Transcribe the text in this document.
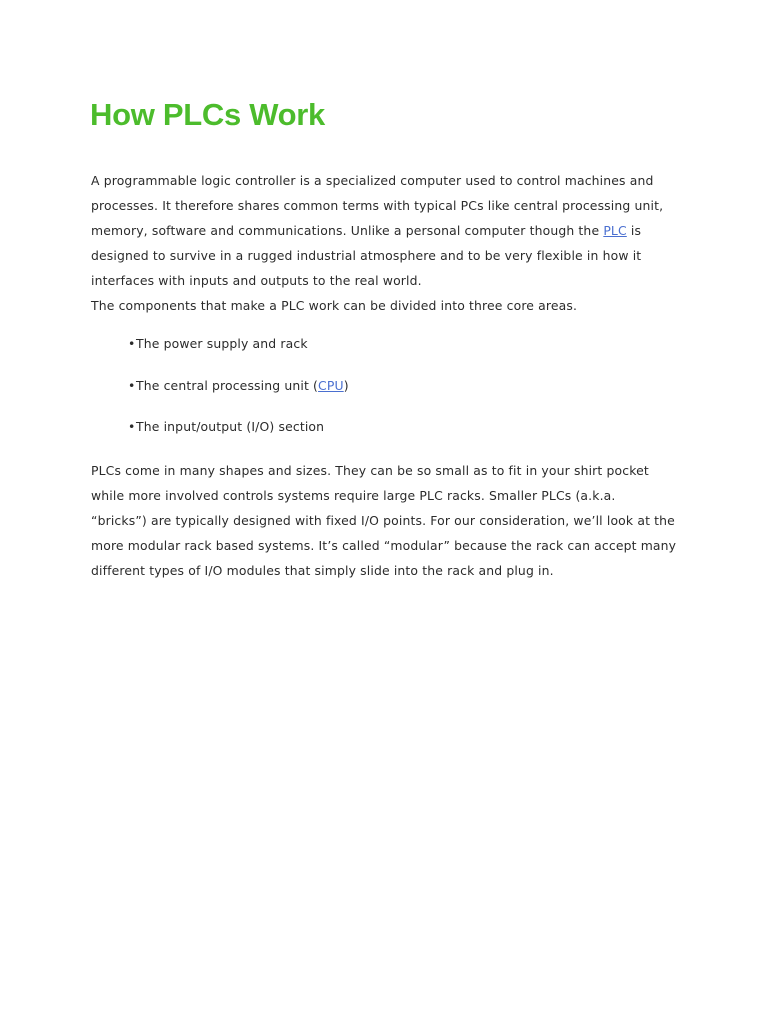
How PLCs Work

A programmable logic controller is a specialized computer used to control machines and
processes. It therefore shares common terms with typical PCs like central processing unit,
memory, software and communications. Unlike a personal computer though the PLC is
designed to survive in a rugged industrial atmosphere and to be very flexible in how it
interfaces with inputs and outputs to the real world.
The components that make a PLC work can be divided into three core areas.

•The power supply and rack
•The central processing unit (CPU)
•The input/output (I/O) section

PLCs come in many shapes and sizes. They can be so small as to fit in your shirt pocket
while more involved controls systems require large PLC racks. Smaller PLCs (a.k.a.
“bricks”) are typically designed with fixed I/O points. For our consideration, we’ll look at the
more modular rack based systems. It’s called “modular” because the rack can accept many
different types of I/O modules that simply slide into the rack and plug in.
